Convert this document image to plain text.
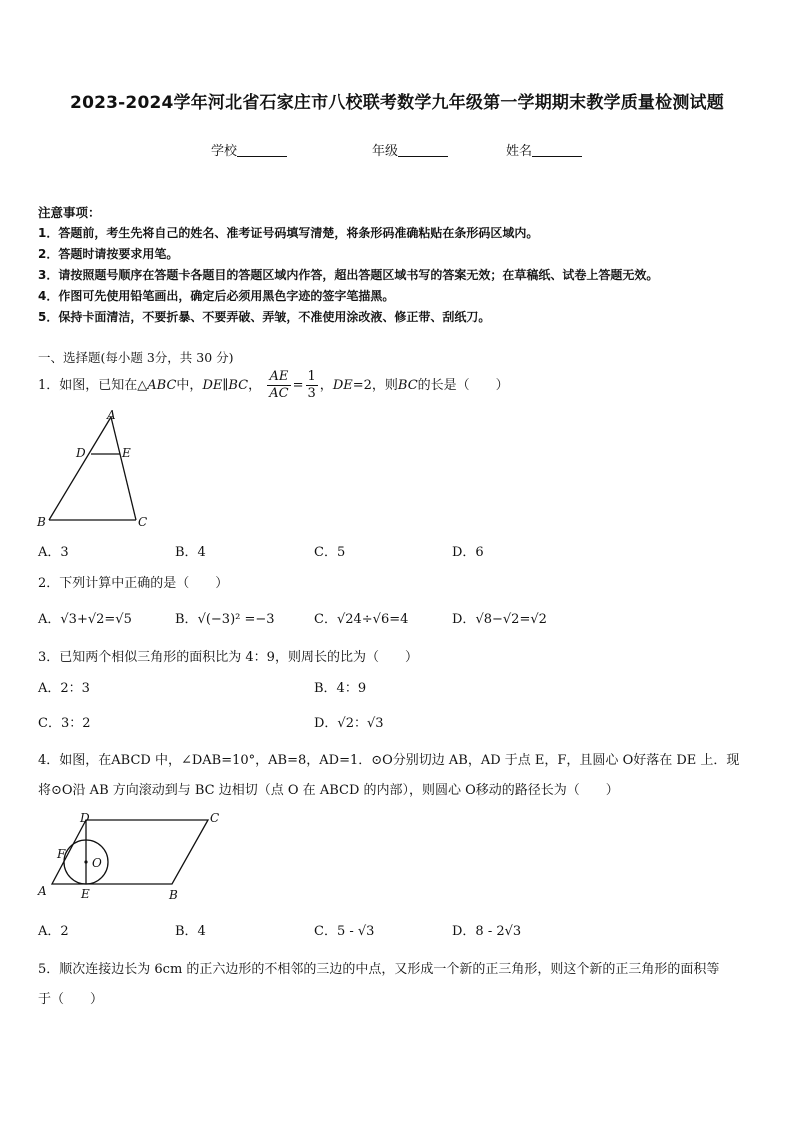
2023-2024学年河北省石家庄市八校联考数学九年级第一学期期末教学质量检测试题
学校	年级	姓名
注意事项：
1．答题前，考生先将自己的姓名、准考证号码填写清楚，将条形码准确粘贴在条形码区域内。
2．答题时请按要求用笔。
3．请按照题号顺序在答题卡各题目的答题区域内作答，超出答题区域书写的答案无效；在草稿纸、试卷上答题无效。
4．作图可先使用铅笔画出，确定后必须用黑色字迹的签字笔描黑。
5．保持卡面清洁，不要折暴、不要弄破、弄皱，不准使用涂改液、修正带、刮纸刀。
一、选择题(每小题 3分，共 30 分)
1．如图，已知在△ABC中，DE∥BC， $\frac{AE}{AC} = \frac{1}{3}$ ，DE=2，则BC的长是（　　）
A
D	E
B	C
A．3	B．4	C．5	D．6
2．下列计算中正确的是（　　）
A．√3+√2=√5	B．√(−3)² =−3	C．√24÷√6=4	D．√8−√2=√2
3．已知两个相似三角形的面积比为 4：9，则周长的比为（　　）
A．2：3	B．4：9
C．3：2	D．√2：√3
4．如图，在ABCD 中，∠DAB=10°，AB=8，AD=1．⊙O分别切边 AB，AD 于点 E，F，且圆心 O好落在 DE 上．现
将⊙O沿 AB 方向滚动到与 BC 边相切（点 O 在 ABCD 的内部），则圆心 O移动的路径长为（　　）
D	C
F
O
A	E	B
A．2	B．4	C．5 - √3	D．8 - 2√3
5．顺次连接边长为 6cm 的正六边形的不相邻的三边的中点，又形成一个新的正三角形，则这个新的正三角形的面积等
于（　　）
